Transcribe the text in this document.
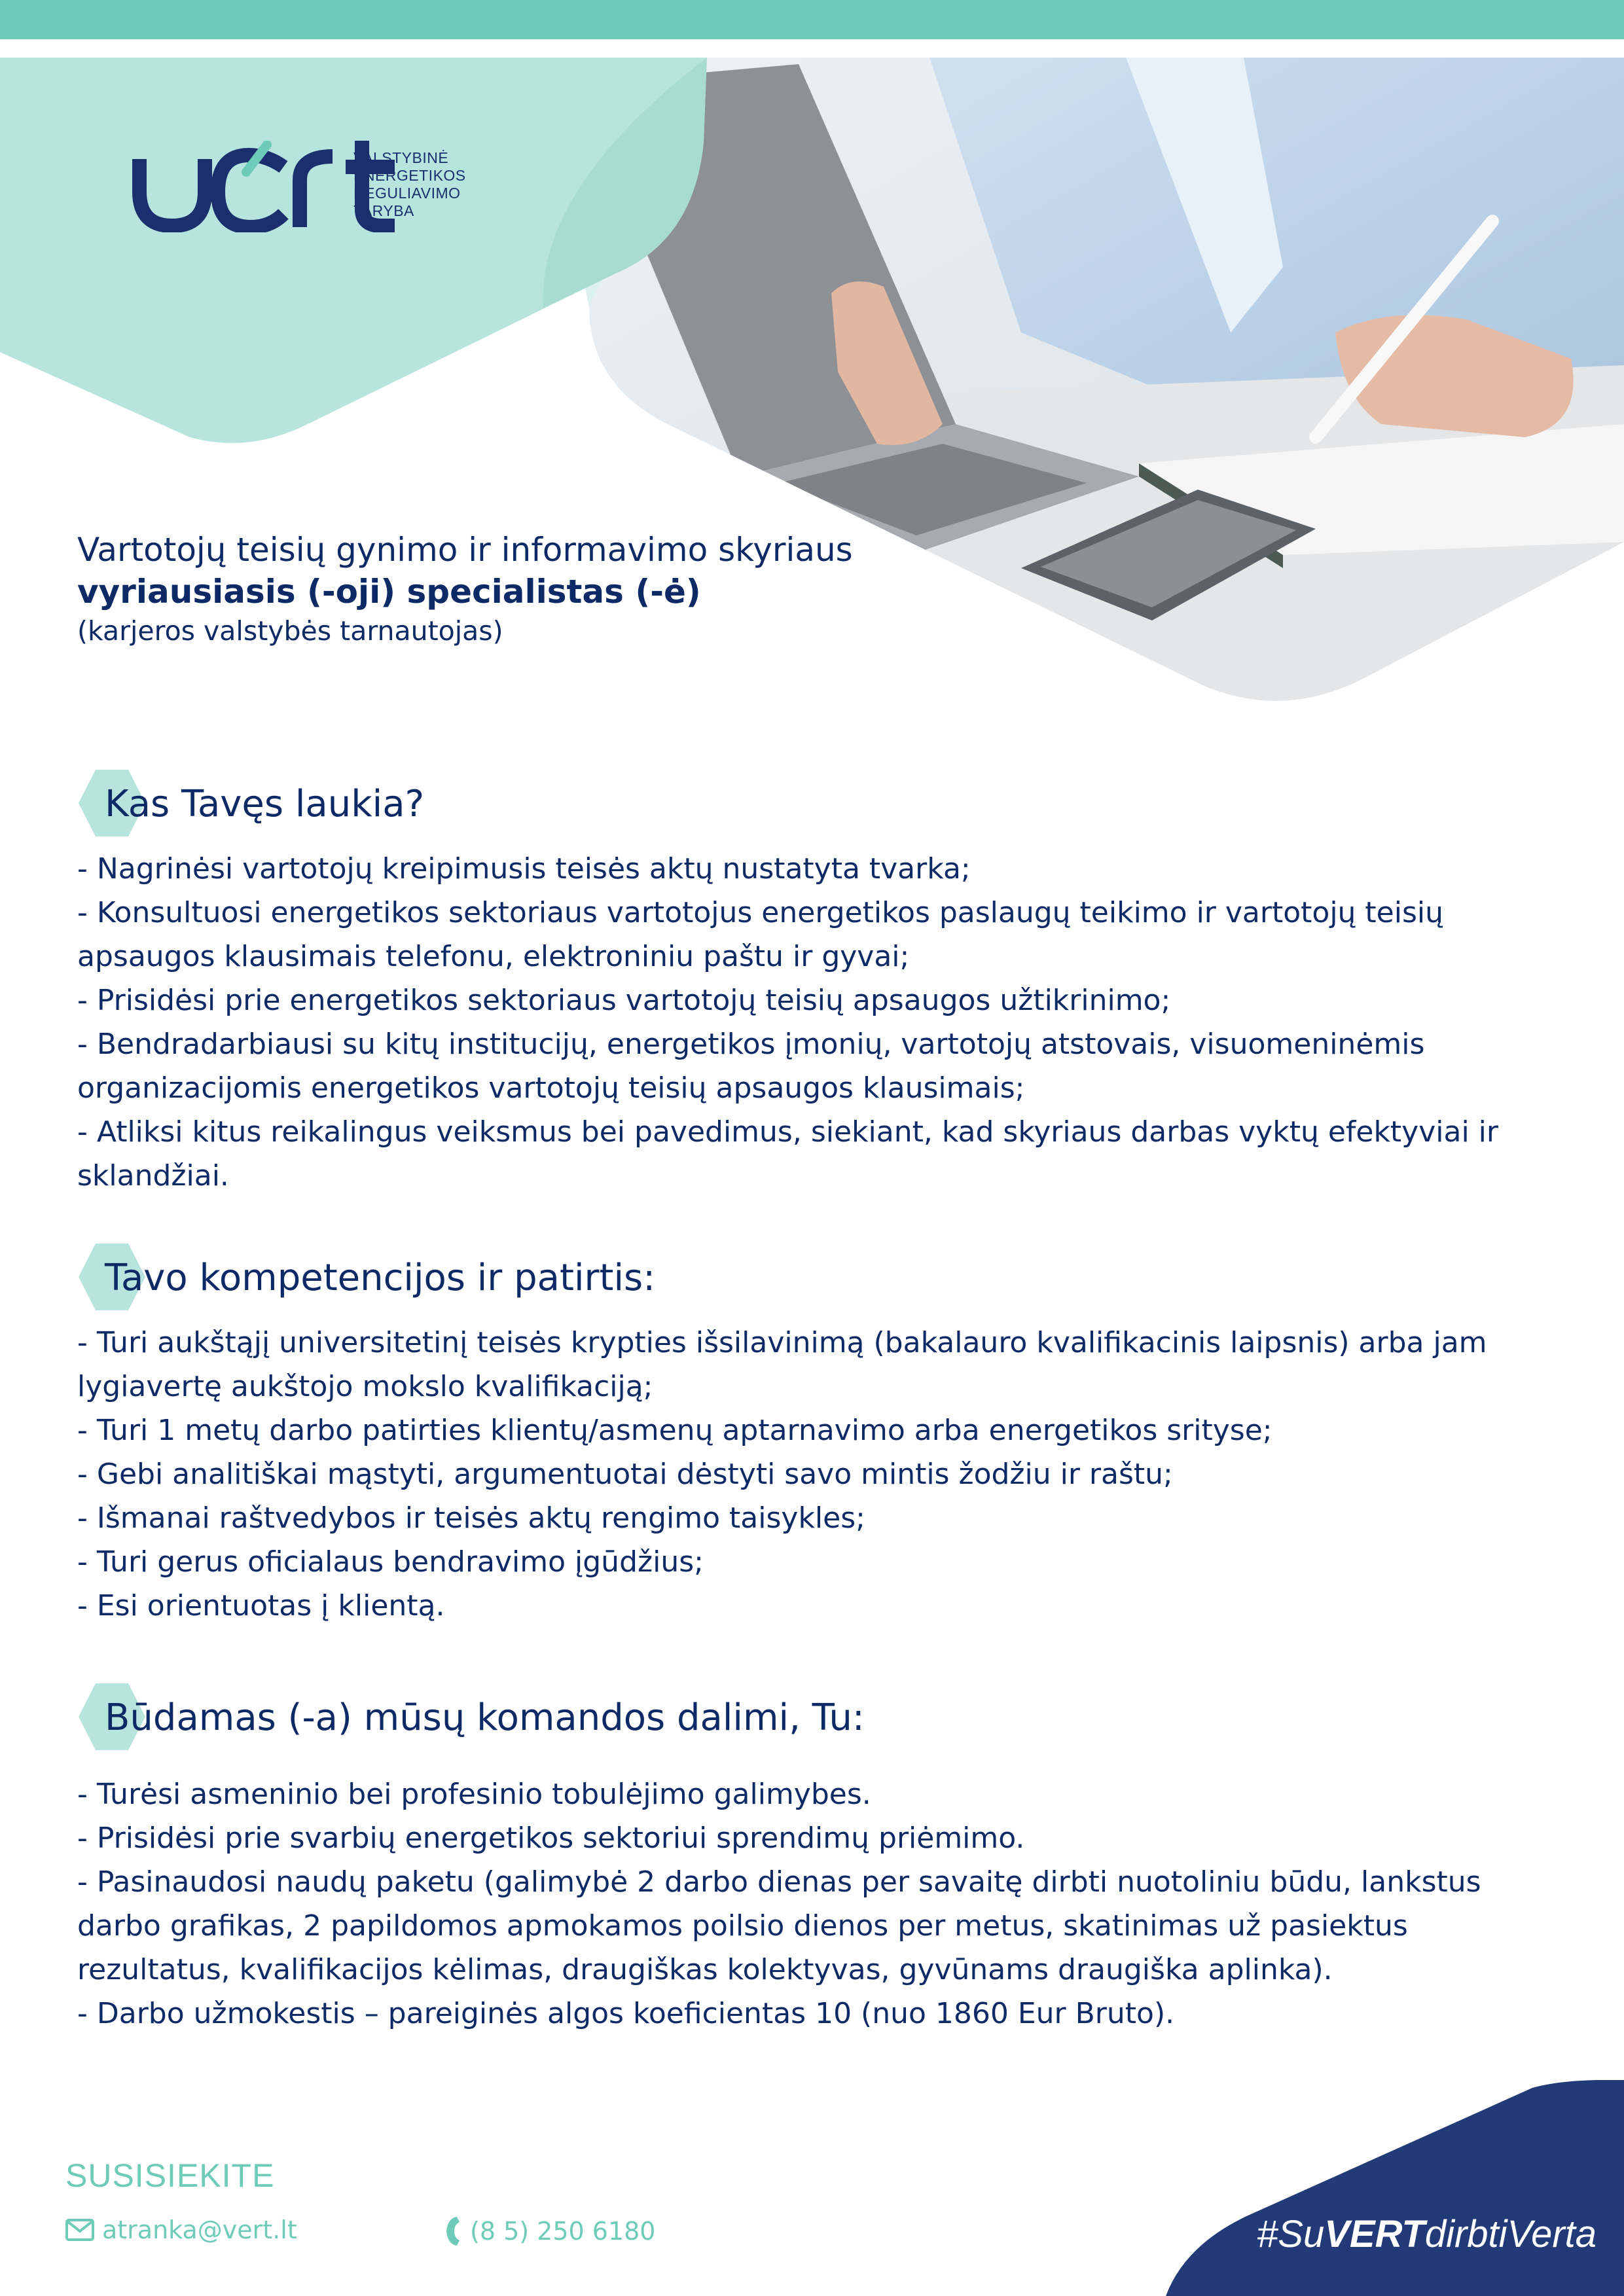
VALSTYBINĖ
ENERGETIKOS
REGULIAVIMO
TARYBA
Vartotojų teisių gynimo ir informavimo skyriaus
vyriausiasis (-oji) specialistas (-ė)
(karjeros valstybės tarnautojas)
Kas Tavęs laukia?
- Nagrinėsi vartotojų kreipimusis teisės aktų nustatyta tvarka;
- Konsultuosi energetikos sektoriaus vartotojus energetikos paslaugų teikimo ir vartotojų teisių apsaugos klausimais telefonu, elektroniniu paštu ir gyvai;
- Prisidėsi prie energetikos sektoriaus vartotojų teisių apsaugos užtikrinimo;
- Bendradarbiausi su kitų institucijų, energetikos įmonių, vartotojų atstovais, visuomeninėmis organizacijomis energetikos vartotojų teisių apsaugos klausimais;
- Atliksi kitus reikalingus veiksmus bei pavedimus, siekiant, kad skyriaus darbas vyktų efektyviai ir sklandžiai.
Tavo kompetencijos ir patirtis:
- Turi aukštąjį universitetinį teisės krypties išsilavinimą (bakalauro kvalifikacinis laipsnis) arba jam lygiavertę aukštojo mokslo kvalifikaciją;
- Turi 1 metų darbo patirties klientų/asmenų aptarnavimo arba energetikos srityse;
- Gebi analitiškai mąstyti, argumentuotai dėstyti savo mintis žodžiu ir raštu;
- Išmanai raštvedybos ir teisės aktų rengimo taisykles;
- Turi gerus oficialaus bendravimo įgūdžius;
- Esi orientuotas į klientą.
Būdamas (-a) mūsų komandos dalimi, Tu:
- Turėsi asmeninio bei profesinio tobulėjimo galimybes.
- Prisidėsi prie svarbių energetikos sektoriui sprendimų priėmimo.
- Pasinaudosi naudų paketu (galimybė 2 darbo dienas per savaitę dirbti nuotoliniu būdu, lankstus darbo grafikas, 2 papildomos apmokamos poilsio dienos per metus, skatinimas už pasiektus rezultatus, kvalifikacijos kėlimas, draugiškas kolektyvas, gyvūnams draugiška aplinka).
- Darbo užmokestis – pareiginės algos koeficientas 10 (nuo 1860 Eur Bruto).
SUSISIEKITE
atranka@vert.lt	(8 5) 250 6180	#SuVERTdirbtiVerta
